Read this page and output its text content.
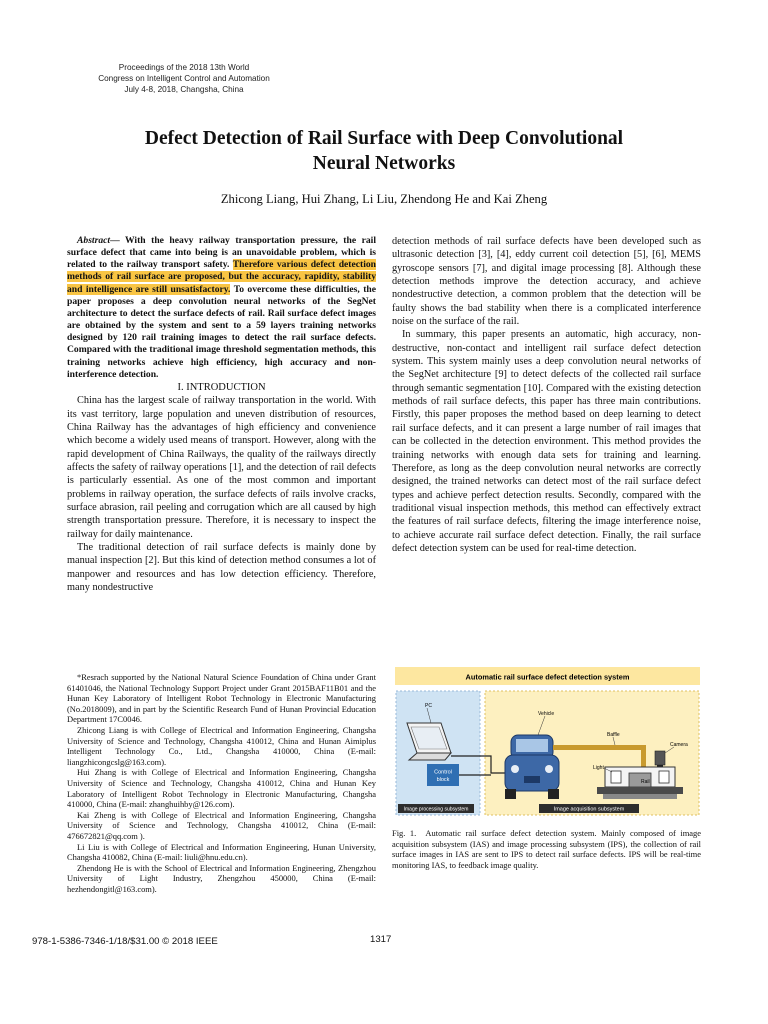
Proceedings of the 2018 13th World
Congress on Intelligent Control and Automation
July 4-8, 2018, Changsha, China
Defect Detection of Rail Surface with Deep Convolutional
Neural Networks
Zhicong Liang, Hui Zhang, Li Liu, Zhendong He and Kai Zheng

Abstract— With the heavy railway transportation pressure, the rail surface defect that came into being is an unavoidable problem, which is related to the railway transport safety. Therefore various defect detection methods of rail surface are proposed, but the accuracy, rapidity, stability and intelligence are still unsatisfactory. To overcome these difficulties, the paper proposes a deep convolution neural networks of the SegNet architecture to detect the surface defects of rail. Rail surface defect images are obtained by the system and sent to a 59 layers training networks designed by 120 rail training images to detect the rail surface defects. Compared with the traditional image threshold segmentation methods, this training networks achieve high efficiency, high accuracy and non-interference detection.

I. INTRODUCTION

China has the largest scale of railway transportation in the world. With its vast territory, large population and uneven distribution of resources, China Railway has the advantages of high efficiency and convenience which become a widely used means of transport. However, along with the rapid development of China Railways, the quality of the railways directly affects the safety of railway operations [1], and the detection of rail defects is particularly essential. As one of the most common and important problems in railway operation, the surface defects of rails involve cracks, surface abrasion, rail peeling and corrugation which are all caused by high strength transportation pressure. Therefore, it is necessary to inspect the railway for daily maintenance.

The traditional detection of rail surface defects is mainly done by manual inspection [2]. But this kind of detection method consumes a lot of manpower and resources and has low detection efficiency. Therefore, many nondestructive

*Resrach supported by the National Natural Science Foundation of China under Grant 61401046, the National Technology Support Project under Grant 2015BAF11B01 and the Hunan Key Laboratory of Intelligent Robot Technology in Electronic Manufacturing (No.2018009), and in part by the Scientific Research Fund of Hunan Provincial Education Department 17C0046.

Zhicong Liang is with College of Electrical and Information Engineering, Changsha University of Science and Technology, Changsha 410012, China and Hunan Aimiplus Intelligent Technology Co., Ltd., Changsha 410000, China (E-mail: liangzhicongcslg@163.com).

Hui Zhang is with College of Electrical and Information Engineering, Changsha University of Science and Technology, Changsha 410012, China and Hunan Key Laboratory of Intelligent Robot Technology in Electronic Manufacturing, Changsha 410000, China (E-mail: zhanghuihby@126.com).

Kai Zheng is with College of Electrical and Information Engineering, Changsha University of Science and Technology, Changsha 410012, China (E-mail: 476672821@qq.com ).

Li Liu is with College of Electrical and Information Engineering, Hunan University, Changsha 410082, China (E-mail: liuli@hnu.edu.cn).

Zhendong He is with the School of Electrical and Information Engineering, Zhengzhou University of Light Industry, Zhengzhou 450000, China (E-mail: hezhendongitl@163.com).

detection methods of rail surface defects have been developed such as ultrasonic detection [3], [4], eddy current coil detection [5], [6], MEMS gyroscope sensors [7], and digital image processing [8]. Although these detection methods improve the detection accuracy, and achieve nondestructive detection, a common problem that the detection will be faulty shows the bad stability when there is a complicated interference noise on the surface of the rail.

In summary, this paper presents an automatic, high accuracy, non-destructive, non-contact and intelligent rail surface defect detection system. This system mainly uses a deep convolution neural networks of the SegNet architecture [9] to detect defects of the collected rail surface through semantic segmentation [10]. Compared with the existing detection methods of rail surface defects, this paper has three main contributions. Firstly, this paper proposes the method based on deep learning to detect rail surface defects, and it can present a large number of rail images that can be collected in the detection environment. This method provides the training networks with enough data sets for training and learning. Therefore, as long as the deep convolution neural networks are correctly designed, the trained networks can detect most of the rail surface defect types and achieve perfect detection results. Secondly, compared with the traditional visual inspection methods, this method can effectively extract the features of rail surface defects, filtering the image interference noise, to achieve accurate rail surface defect detection. Finally, the rail surface defect detection system can be used for real-time detection.

Automatic rail surface defect detection system
PC
Control
block
Vehicle
Baffle
Camera
Light
Rail
Image processing subsystem	Image acquisition subsystem
Fig. 1. Automatic rail surface defect detection system. Mainly composed of image acquisition subsystem (IAS) and image processing subsystem (IPS), the collection of rail surface images in IAS are sent to IPS to detect rail surface defects. IPS will be real-time monitoring IAS, to feedback image quality.
978-1-5386-7346-1/18/$31.00 © 2018 IEEE	1317
